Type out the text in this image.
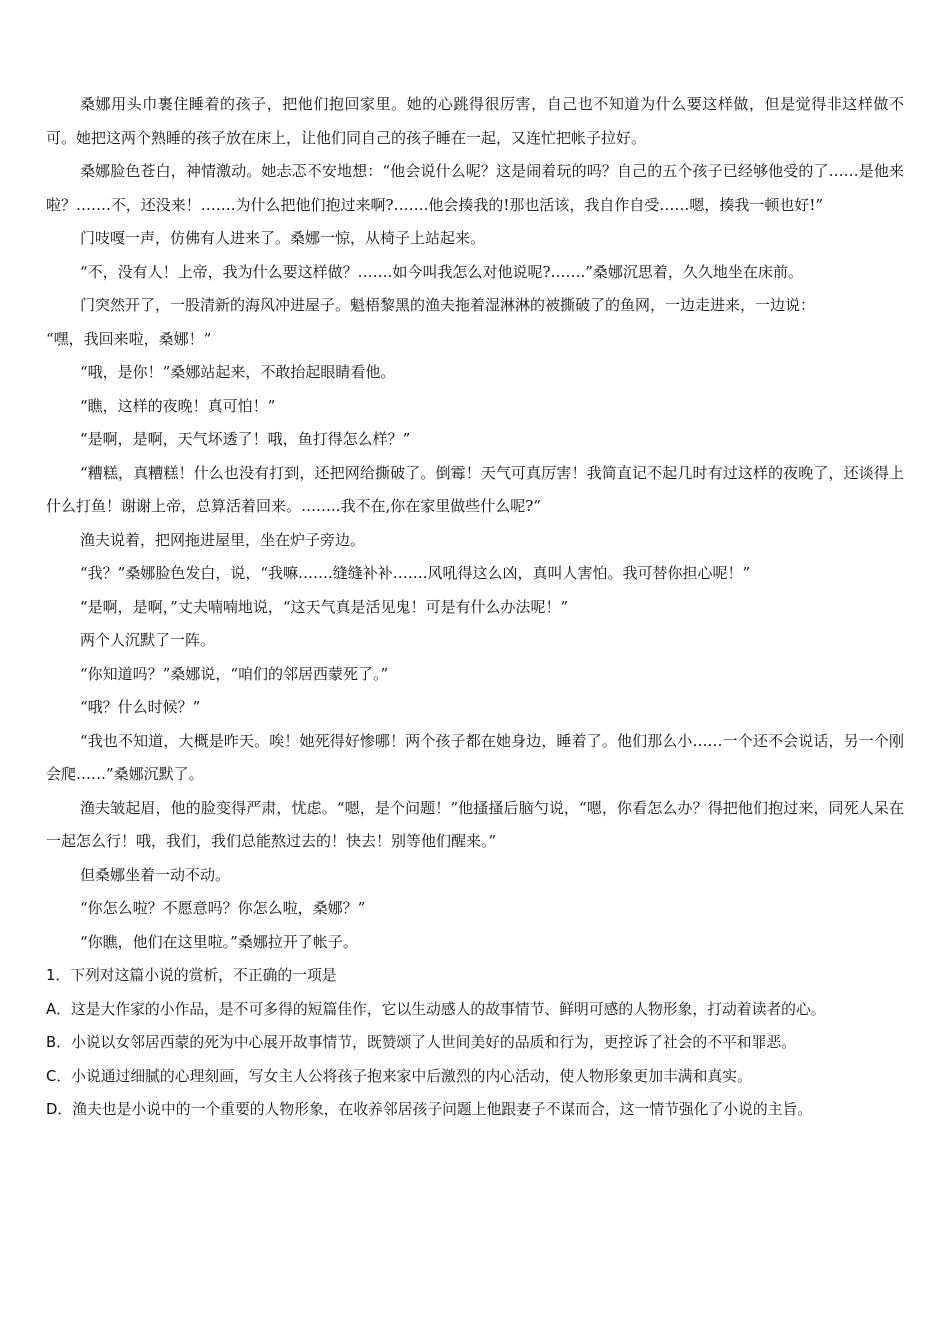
桑娜用头巾裹住睡着的孩子，把他们抱回家里。她的心跳得很厉害，自己也不知道为什么要这样做，但是觉得非这样做不可。她把这两个熟睡的孩子放在床上，让他们同自己的孩子睡在一起，又连忙把帐子拉好。

桑娜脸色苍白，神情激动。她忐忑不安地想：“他会说什么呢？这是闹着玩的吗？自己的五个孩子已经够他受的了……是他来啦？…….不，还没来！…….为什么把他们抱过来啊?…….他会揍我的!那也活该，我自作自受……嗯，揍我一顿也好!”

门吱嘎一声，仿佛有人进来了。桑娜一惊，从椅子上站起来。

“不，没有人！上帝，我为什么要这样做？…….如今叫我怎么对他说呢?…….”桑娜沉思着，久久地坐在床前。

门突然开了，一股清新的海风冲进屋子。魁梧黎黑的渔夫拖着湿淋淋的被撕破了的鱼网，一边走进来，一边说：

“嘿，我回来啦，桑娜！”

“哦，是你！”桑娜站起来，不敢抬起眼睛看他。

“瞧，这样的夜晚！真可怕！”

“是啊，是啊，天气坏透了！哦，鱼打得怎么样？”

“糟糕，真糟糕！什么也没有打到，还把网给撕破了。倒霉！天气可真厉害！我简直记不起几时有过这样的夜晚了，还谈得上什么打鱼！谢谢上帝，总算活着回来。……..我不在,你在家里做些什么呢?”

渔夫说着，把网拖进屋里，坐在炉子旁边。

“我？”桑娜脸色发白，说，“我嘛…….缝缝补补…….风吼得这么凶，真叫人害怕。我可替你担心呢！”

“是啊，是啊，”丈夫喃喃地说，“这天气真是活见鬼！可是有什么办法呢！”

两个人沉默了一阵。

“你知道吗？”桑娜说，“咱们的邻居西蒙死了。”

“哦？什么时候？”

“我也不知道，大概是昨天。唉！她死得好惨哪！两个孩子都在她身边，睡着了。他们那么小……一个还不会说话，另一个刚会爬……”桑娜沉默了。

渔夫皱起眉，他的脸变得严肃，忧虑。“嗯，是个问题！”他搔搔后脑勺说，“嗯，你看怎么办？得把他们抱过来，同死人呆在一起怎么行！哦，我们，我们总能熬过去的！快去！别等他们醒来。”

但桑娜坐着一动不动。

“你怎么啦？不愿意吗？你怎么啦，桑娜？”

“你瞧，他们在这里啦。”桑娜拉开了帐子。

1．下列对这篇小说的赏析，不正确的一项是

A．这是大作家的小作品，是不可多得的短篇佳作，它以生动感人的故事情节、鲜明可感的人物形象，打动着读者的心。

B．小说以女邻居西蒙的死为中心展开故事情节，既赞颂了人世间美好的品质和行为，更控诉了社会的不平和罪恶。

C．小说通过细腻的心理刻画，写女主人公将孩子抱来家中后激烈的内心活动，使人物形象更加丰满和真实。

D．渔夫也是小说中的一个重要的人物形象，在收养邻居孩子问题上他跟妻子不谋而合，这一情节强化了小说的主旨。
